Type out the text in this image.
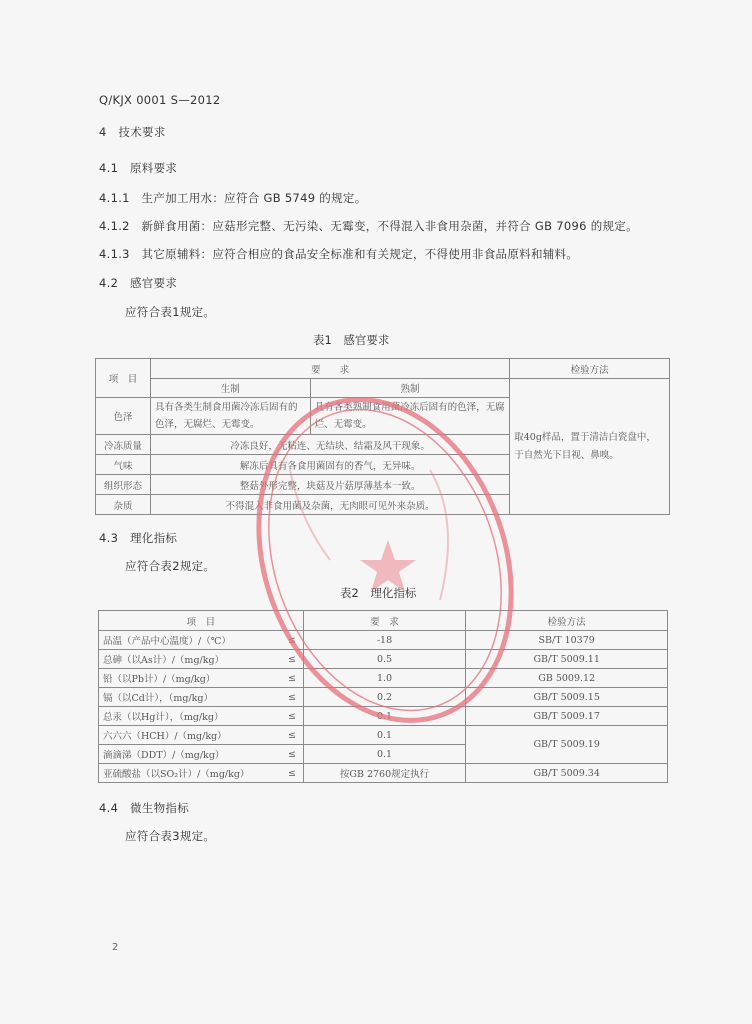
Q/KJX 0001 S—2012
4　技术要求
4.1　原料要求
4.1.1　生产加工用水：应符合 GB 5749 的规定。
4.1.2　新鲜食用菌：应菇形完整、无污染、无霉变，不得混入非食用杂菌，并符合 GB 7096 的规定。
4.1.3　其它原辅料：应符合相应的食品安全标准和有关规定，不得使用非食品原料和辅料。
4.2　感官要求
应符合表1规定。
表1　感官要求
项　目	要　　求		检验方法
	生制	熟制	取40g样品，置于清洁白瓷盘中，于自然光下目视、鼻嗅。
色泽	具有各类生制食用菌冷冻后固有的色泽，无腐烂、无霉变。	具有各类熟制食用菌冷冻后固有的色泽，无腐烂、无霉变。	
冷冻质量	冷冻良好，无粘连、无结块、结霜及风干现象。		
气味	解冻后具有各食用菌固有的香气，无异味。		
组织形态	整菇外形完整，块菇及片菇厚薄基本一致。		
杂质	不得混入非食用菌及杂菌，无肉眼可见外来杂质。		
4.3　理化指标
应符合表2规定。
表2　理化指标
项　目		要　求	检验方法
品温（产品中心温度）/（℃）	≤	-18	SB/T 10379
总砷（以As计）/（mg/kg）	≤	0.5	GB/T 5009.11
铅（以Pb计）/（mg/kg）	≤	1.0	GB 5009.12
镉（以Cd计），（mg/kg）	≤	0.2	GB/T 5009.15
总汞（以Hg计），（mg/kg）	≤	0.1	GB/T 5009.17
六六六（HCH）/（mg/kg）	≤	0.1	GB/T 5009.19
滴滴涕（DDT）/（mg/kg）	≤	0.1	
亚硫酸盐（以SO₂计）/（mg/kg）	≤	按GB 2760规定执行	GB/T 5009.34
4.4　微生物指标
应符合表3规定。
2
